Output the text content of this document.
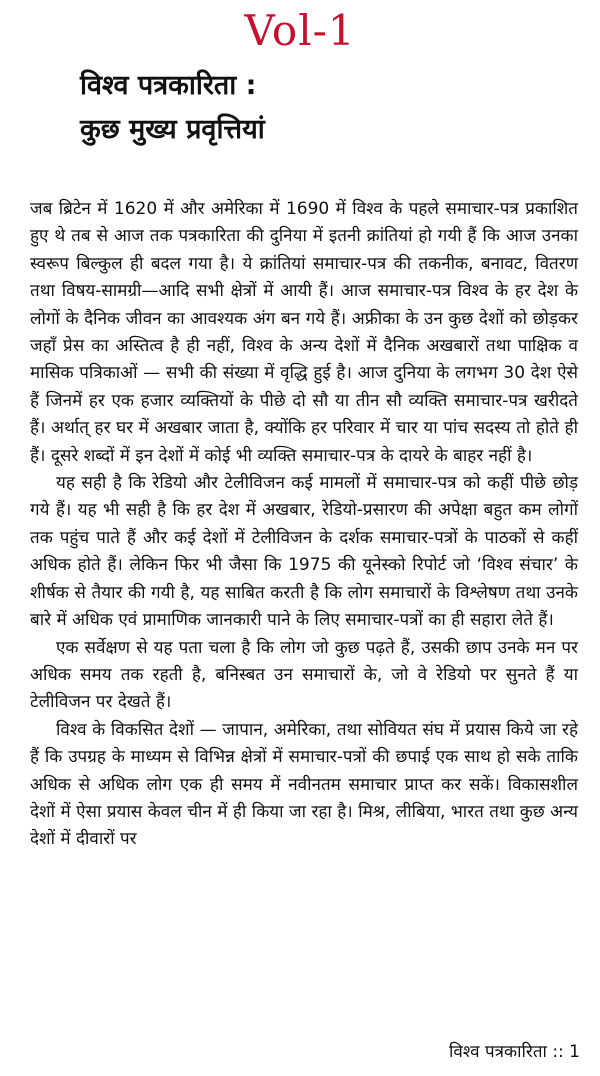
Vol-1
विश्व पत्रकारिता :
कुछ मुख्य प्रवृत्तियां

जब ब्रिटेन में 1620 में और अमेरिका में 1690 में विश्व के पहले समाचार-पत्र प्रकाशित हुए थे तब से आज तक पत्रकारिता की दुनिया में इतनी क्रांतियां हो गयी हैं कि आज उनका स्वरूप बिल्कुल ही बदल गया है। ये क्रांतियां समाचार-पत्र की तकनीक, बनावट, वितरण तथा विषय-सामग्री—आदि सभी क्षेत्रों में आयी हैं। आज समाचार-पत्र विश्व के हर देश के लोगों के दैनिक जीवन का आवश्यक अंग बन गये हैं। अफ्रीका के उन कुछ देशों को छोड़कर जहाँ प्रेस का अस्तित्व है ही नहीं, विश्व के अन्य देशों में दैनिक अखबारों तथा पाक्षिक व मासिक पत्रिकाओं — सभी की संख्या में वृद्धि हुई है। आज दुनिया के लगभग 30 देश ऐसे हैं जिनमें हर एक हजार व्यक्तियों के पीछे दो सौ या तीन सौ व्यक्ति समाचार-पत्र खरीदते हैं। अर्थात् हर घर में अखबार जाता है, क्योंकि हर परिवार में चार या पांच सदस्य तो होते ही हैं। दूसरे शब्दों में इन देशों में कोई भी व्यक्ति समाचार-पत्र के दायरे के बाहर नहीं है।

यह सही है कि रेडियो और टेलीविजन कई मामलों में समाचार-पत्र को कहीं पीछे छोड़ गये हैं। यह भी सही है कि हर देश में अखबार, रेडियो-प्रसारण की अपेक्षा बहुत कम लोगों तक पहुंच पाते हैं और कई देशों में टेलीविजन के दर्शक समाचार-पत्रों के पाठकों से कहीं अधिक होते हैं। लेकिन फिर भी जैसा कि 1975 की यूनेस्को रिपोर्ट जो ‘विश्व संचार’ के शीर्षक से तैयार की गयी है, यह साबित करती है कि लोग समाचारों के विश्लेषण तथा उनके बारे में अधिक एवं प्रामाणिक जानकारी पाने के लिए समाचार-पत्रों का ही सहारा लेते हैं।

एक सर्वेक्षण से यह पता चला है कि लोग जो कुछ पढ़ते हैं, उसकी छाप उनके मन पर अधिक समय तक रहती है, बनिस्बत उन समाचारों के, जो वे रेडियो पर सुनते हैं या टेलीविजन पर देखते हैं।

विश्व के विकसित देशों — जापान, अमेरिका, तथा सोवियत संघ में प्रयास किये जा रहे हैं कि उपग्रह के माध्यम से विभिन्न क्षेत्रों में समाचार-पत्रों की छपाई एक साथ हो सके ताकि अधिक से अधिक लोग एक ही समय में नवीनतम समाचार प्राप्त कर सकें। विकासशील देशों में ऐसा प्रयास केवल चीन में ही किया जा रहा है। मिश्र, लीबिया, भारत तथा कुछ अन्य देशों में दीवारों पर

विश्व पत्रकारिता :: 1
